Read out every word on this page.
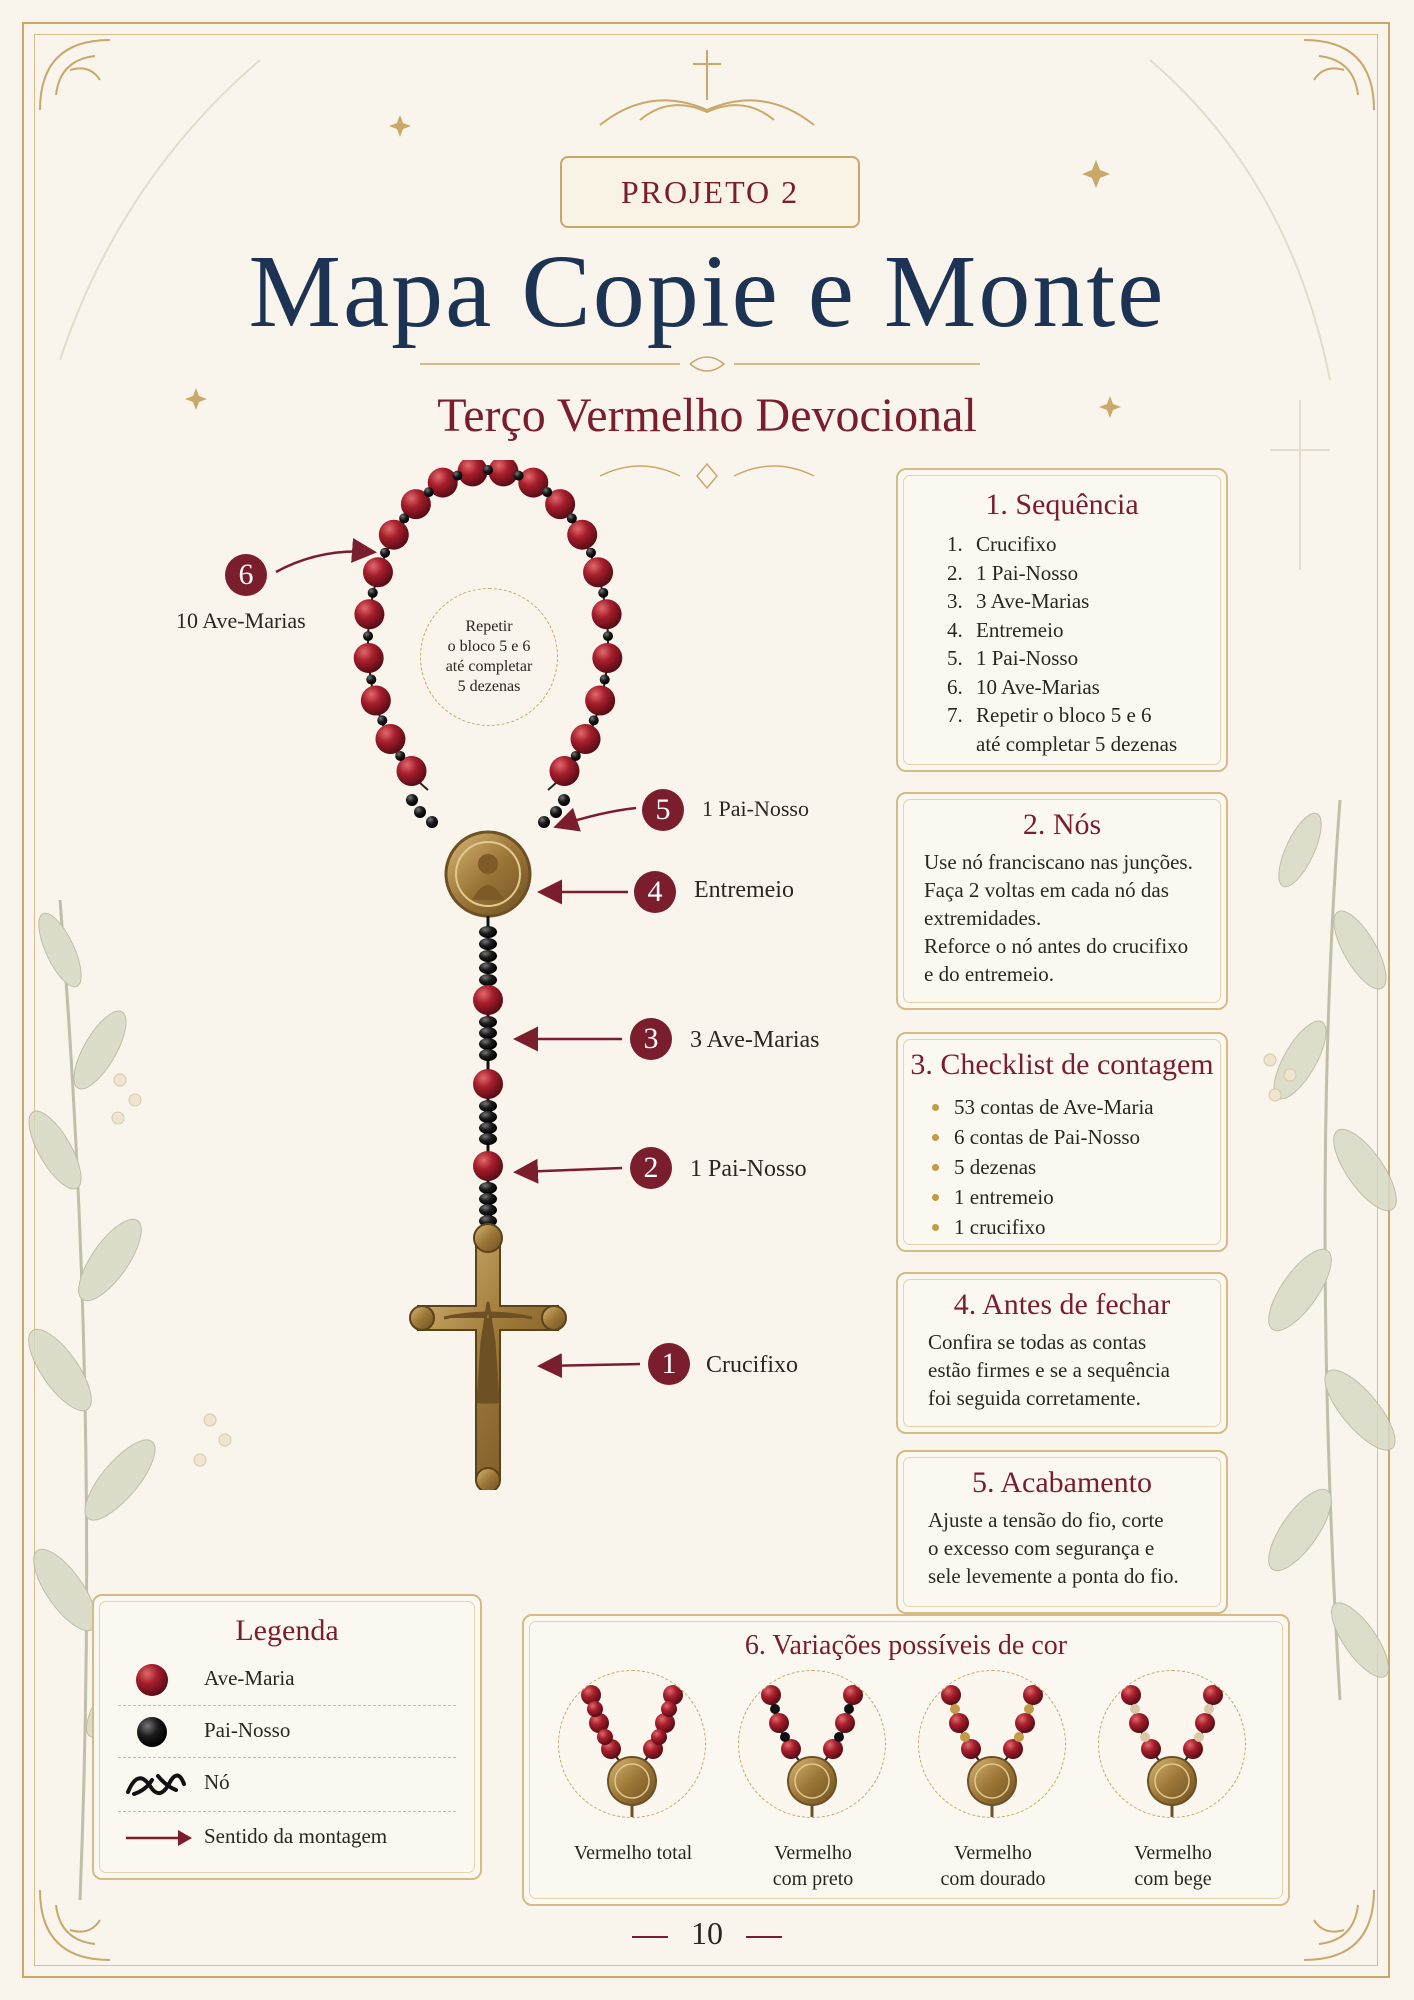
PROJETO 2
Mapa Copie e Monte
Terço Vermelho Devocional
Repetir
o bloco 5 e 6
até completar
5 dezenas
6
10 Ave-Marias
5	1 Pai-Nosso
4	Entremeio
3	3 Ave-Marias
2	1 Pai-Nosso
1	Crucifixo
1. Sequência
1. Crucifixo
2. 1 Pai-Nosso
3. 3 Ave-Marias
4. Entremeio
5. 1 Pai-Nosso
6. 10 Ave-Marias
7. Repetir o bloco 5 e 6
até completar 5 dezenas
2. Nós
Use nó franciscano nas junções.
Faça 2 voltas em cada nó das
extremidades.
Reforce o nó antes do crucifixo
e do entremeio.
3. Checklist de contagem
53 contas de Ave-Maria
6 contas de Pai-Nosso
5 dezenas
1 entremeio
1 crucifixo
4. Antes de fechar
Confira se todas as contas
estão firmes e se a sequência
foi seguida corretamente.
5. Acabamento
Ajuste a tensão do fio, corte
o excesso com segurança e
sele levemente a ponta do fio.
Legenda
Ave-Maria
Pai-Nosso
Nó
Sentido da montagem
6. Variações possíveis de cor
Vermelho total	Vermelho
com preto
Vermelho
com dourado
Vermelho
com bege
10
